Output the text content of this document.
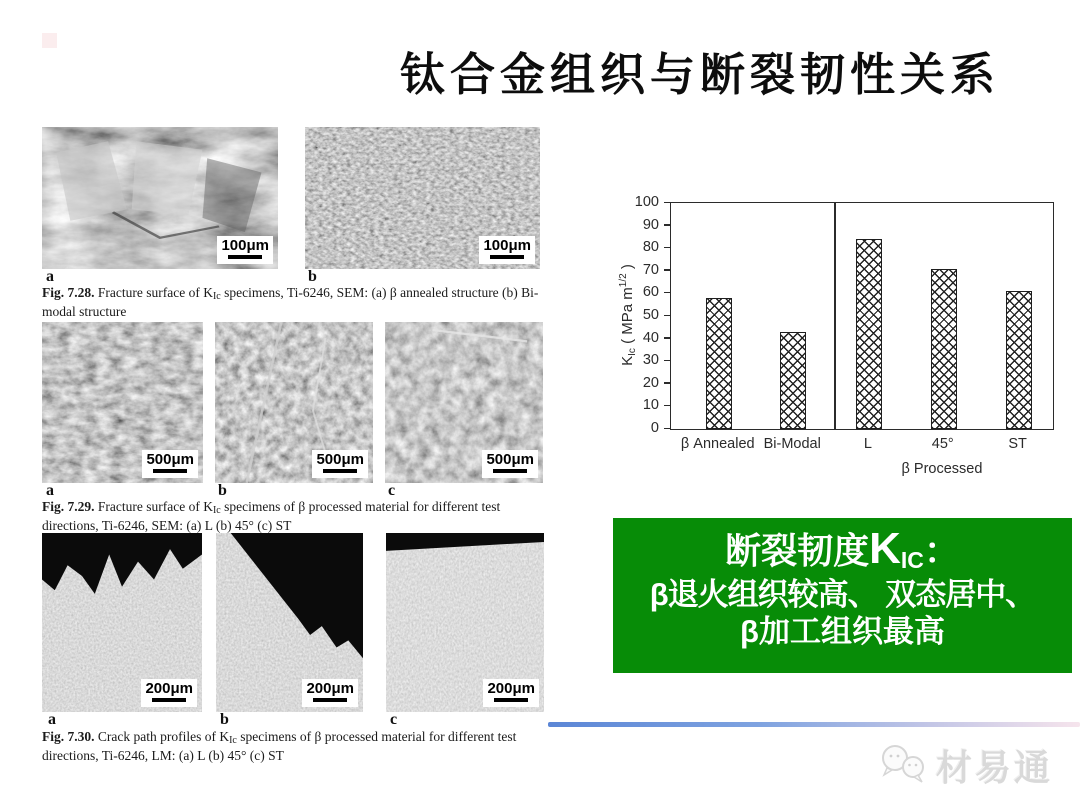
钛合金组织与断裂韧性关系
100μm	100μm
a	b
Fig. 7.28. Fracture surface of KIc specimens, Ti-6246, SEM: (a) β annealed structure (b) Bi-modal structure
500μm	500μm	500μm
a	b	c
Fig. 7.29. Fracture surface of KIc specimens of β processed material for different test directions, Ti-6246, SEM: (a) L (b) 45° (c) ST
200μm	200μm	200μm
a	b	c
Fig. 7.30. Crack path profiles of KIc specimens of β processed material for different test directions, Ti-6246, LM: (a) L (b) 45° (c) ST
$K_{Ic}$ ( MPa $m^{1/2}$ )
0
10
20
30
40
50
60
70
80
90
100
β Annealed Bi-Modal	L	45°	ST
β Processed
断裂韧度KIC：
β退火组织较高、 双态居中、
β加工组织最高
材易通
